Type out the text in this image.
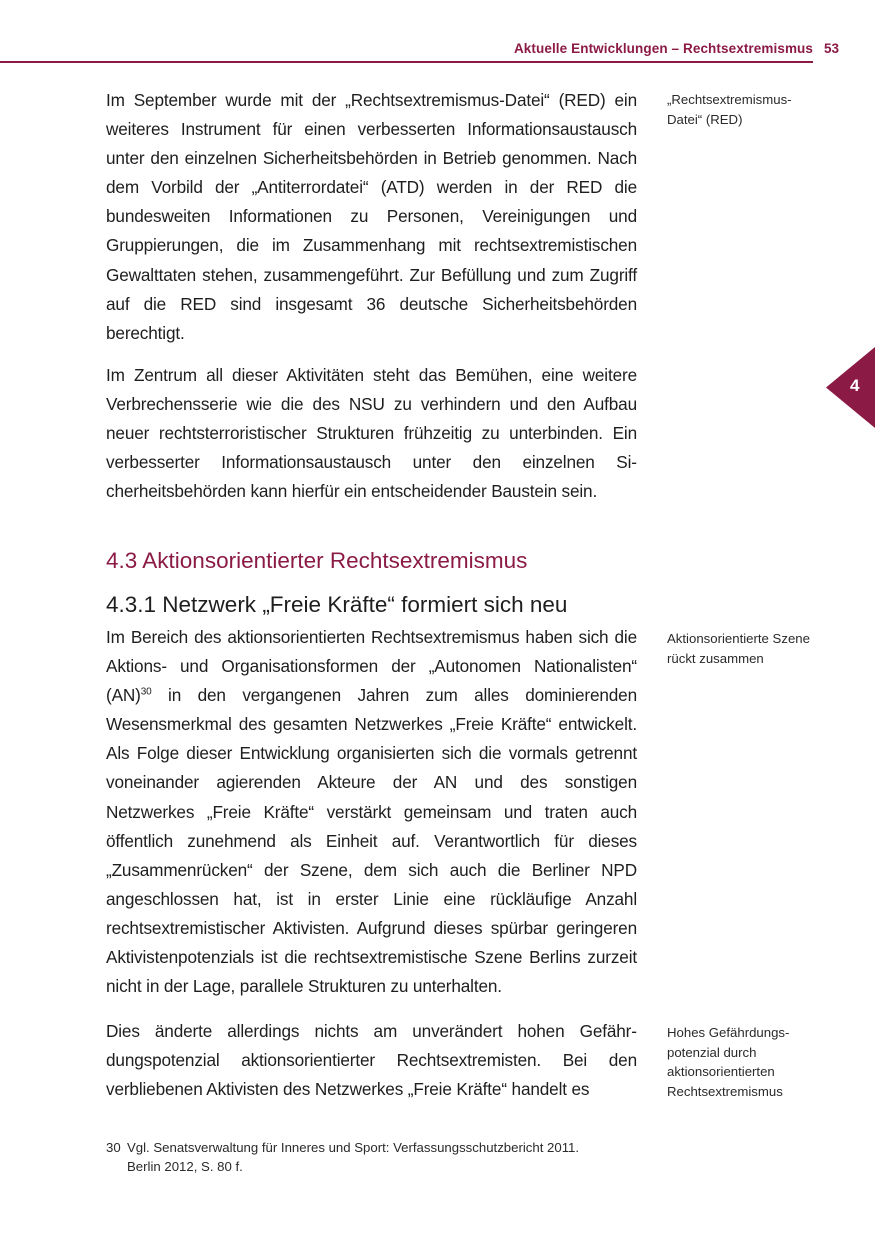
Aktuelle Entwicklungen – Rechtsextremismus 53
4

Im September wurde mit der „Rechtsextremismus-Datei“ (RED) ein weiteres Instrument für einen verbesserten Informationsaustausch unter den einzelnen Sicherheitsbehörden in Betrieb genommen. Nach dem Vorbild der „Antiterrordatei“ (ATD) werden in der RED die bundesweiten Informationen zu Personen, Vereinigungen und Gruppierungen, die im Zusammenhang mit rechtsextremistischen Gewalttaten stehen, zusammengeführt. Zur Befüllung und zum Zugriff auf die RED sind insgesamt 36 deutsche Sicherheitsbehörden berechtigt.

Im Zentrum all dieser Aktivitäten steht das Bemühen, eine weitere Verbrechensserie wie die des NSU zu verhindern und den Aufbau neuer rechtsterroristischer Strukturen frühzeitig zu unterbinden. Ein verbesserter Informationsaustausch unter den einzelnen Sicherheitsbehörden kann hierfür ein entscheidender Baustein sein.

4.3 Aktionsorientierter Rechtsextremismus
4.3.1 Netzwerk „Freie Kräfte“ formiert sich neu

Im Bereich des aktionsorientierten Rechtsextremismus haben sich die Aktions- und Organisationsformen der „Autonomen Nationalisten“ (AN)$^{30}$ in den vergangenen Jahren zum alles dominierenden Wesensmerkmal des gesamten Netzwerkes „Freie Kräfte“ entwickelt. Als Folge dieser Entwicklung organisierten sich die vormals getrennt voneinander agierenden Akteure der AN und des sonstigen Netzwerkes „Freie Kräfte“ verstärkt gemeinsam und traten auch öffentlich zunehmend als Einheit auf. Verantwortlich für dieses „Zusammenrücken“ der Szene, dem sich auch die Berliner NPD angeschlossen hat, ist in erster Linie eine rückläufige Anzahl rechtsextremistischer Aktivisten. Aufgrund dieses spürbar geringeren Aktivistenpotenzials ist die rechtsextremistische Szene Berlins zurzeit nicht in der Lage, parallele Strukturen zu unterhalten.

Dies änderte allerdings nichts am unverändert hohen Gefährdungspotenzial aktionsorientierter Rechtsextremisten. Bei den verbliebenen Aktivisten des Netzwerkes „Freie Kräfte“ handelt es

„Rechtsextremismus-
Datei“ (RED)
Aktionsorientierte Szene
rückt zusammen
Hohes Gefährdungs-
potenzial durch
aktionsorientierten
Rechtsextremismus
30 Vgl. Senatsverwaltung für Inneres und Sport: Verfassungsschutzbericht 2011.
Berlin 2012, S. 80 f.
